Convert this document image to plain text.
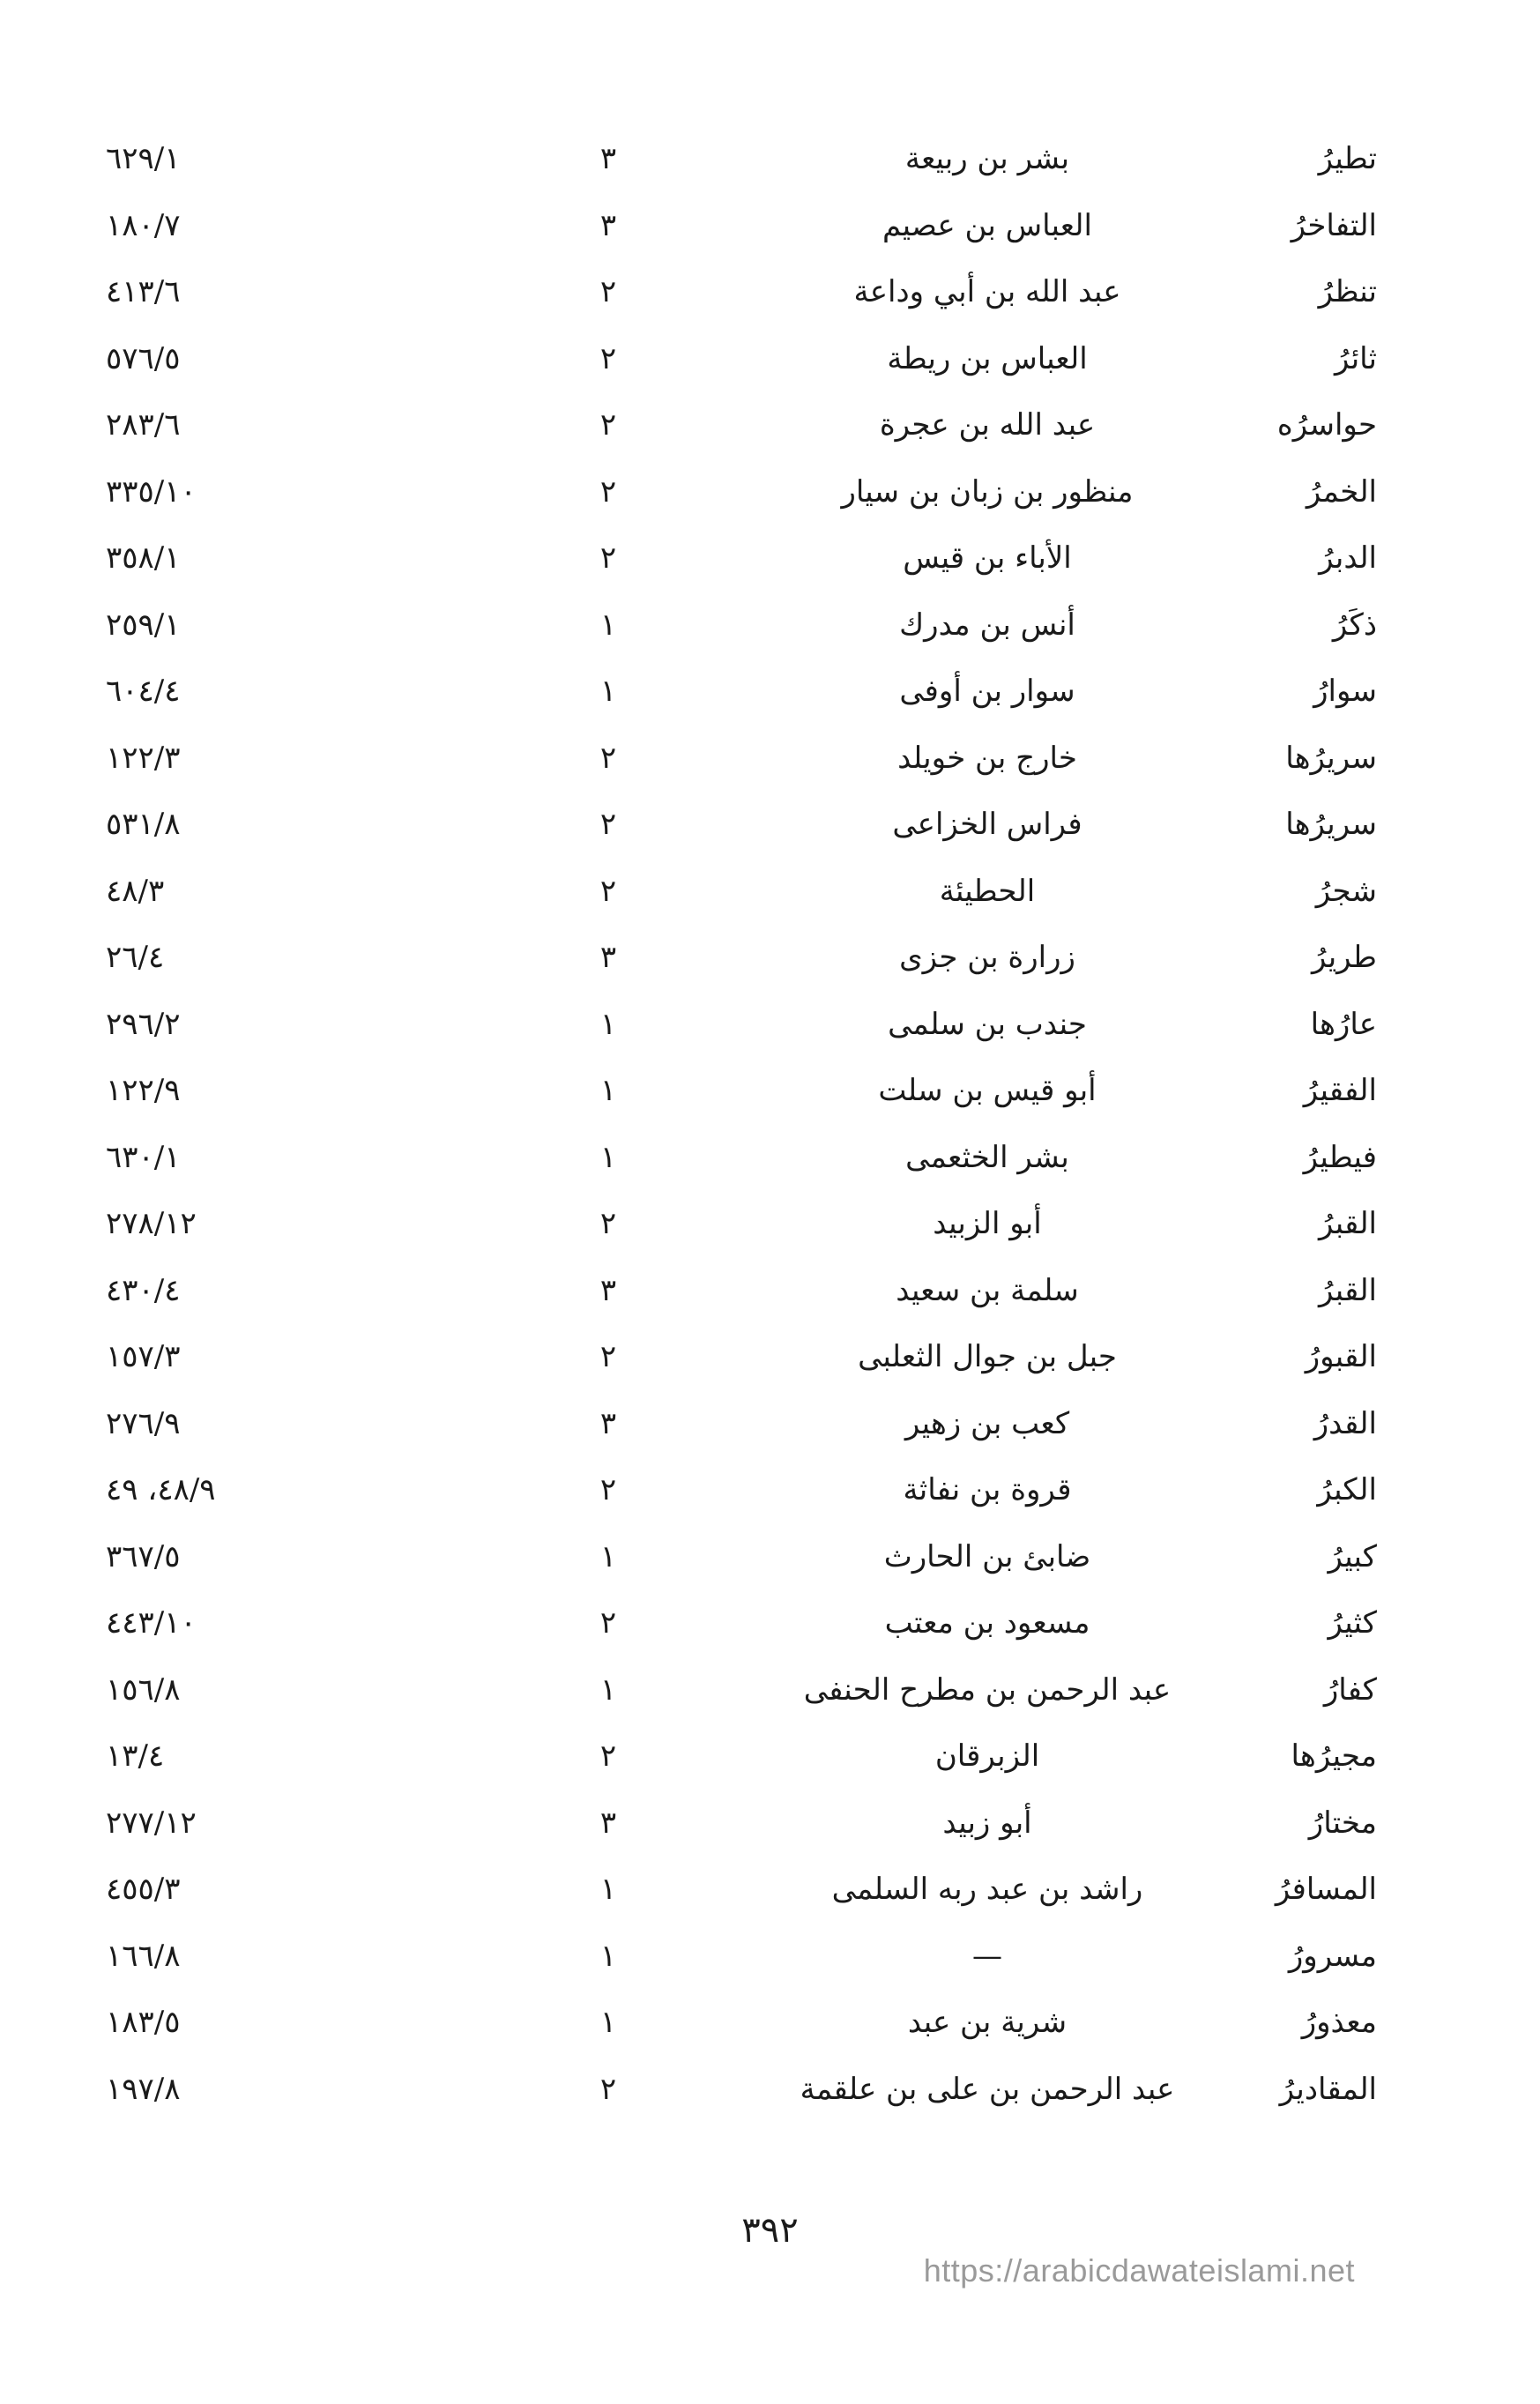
تطيرُ
بشر بن ربيعة
٣
٦٢٩/١
التفاخرُ
العباس بن عصيم
٣
١٨٠/٧
تنظرُ
عبد الله بن أبي وداعة
٢
٤١٣/٦
ثائرُ
العباس بن ريطة
٢
٥٧٦/٥
حواسرُه
عبد الله بن عجرة
٢
٢٨٣/٦
الخمرُ
منظور بن زبان بن سيار
٢
٣٣٥/١٠
الدبرُ
الأباء بن قيس
٢
٣٥٨/١
ذكَرُ
أنس بن مدرك
١
٢٥٩/١
سوارُ
سوار بن أوفى
١
٦٠٤/٤
سريرُها
خارج بن خويلد
٢
١٢٢/٣
سريرُها
فراس الخزاعى
٢
٥٣١/٨
شجرُ
الحطيئة
٢
٤٨/٣
طريرُ
زرارة بن جزى
٣
٢٦/٤
عارُها
جندب بن سلمى
١
٢٩٦/٢
الفقيرُ
أبو قيس بن سلت
١
١٢٢/٩
فيطيرُ
بشر الخثعمى
١
٦٣٠/١
القبرُ
أبو الزبيد
٢
٢٧٨/١٢
القبرُ
سلمة بن سعيد
٣
٤٣٠/٤
القبورُ
جبل بن جوال الثعلبى
٢
١٥٧/٣
القدرُ
كعب بن زهير
٣
٢٧٦/٩
الكبرُ
قروة بن نفاثة
٢
٤٨/٩، ٤٩
كبيرُ
ضابئ بن الحارث
١
٣٦٧/٥
كثيرُ
مسعود بن معتب
٢
٤٤٣/١٠
كفارُ
عبد الرحمن بن مطرح الحنفى
١
١٥٦/٨
مجيرُها
الزبرقان
٢
١٣/٤
مختارُ
أبو زبيد
٣
٢٧٧/١٢
المسافرُ
راشد بن عبد ربه السلمى
١
٤٥٥/٣
مسرورُ
—
١
١٦٦/٨
معذورُ
شرية بن عبد
١
١٨٣/٥
المقاديرُ
عبد الرحمن بن على بن علقمة
٢
١٩٧/٨
٣٩٢
https://arabicdawateislami.net
